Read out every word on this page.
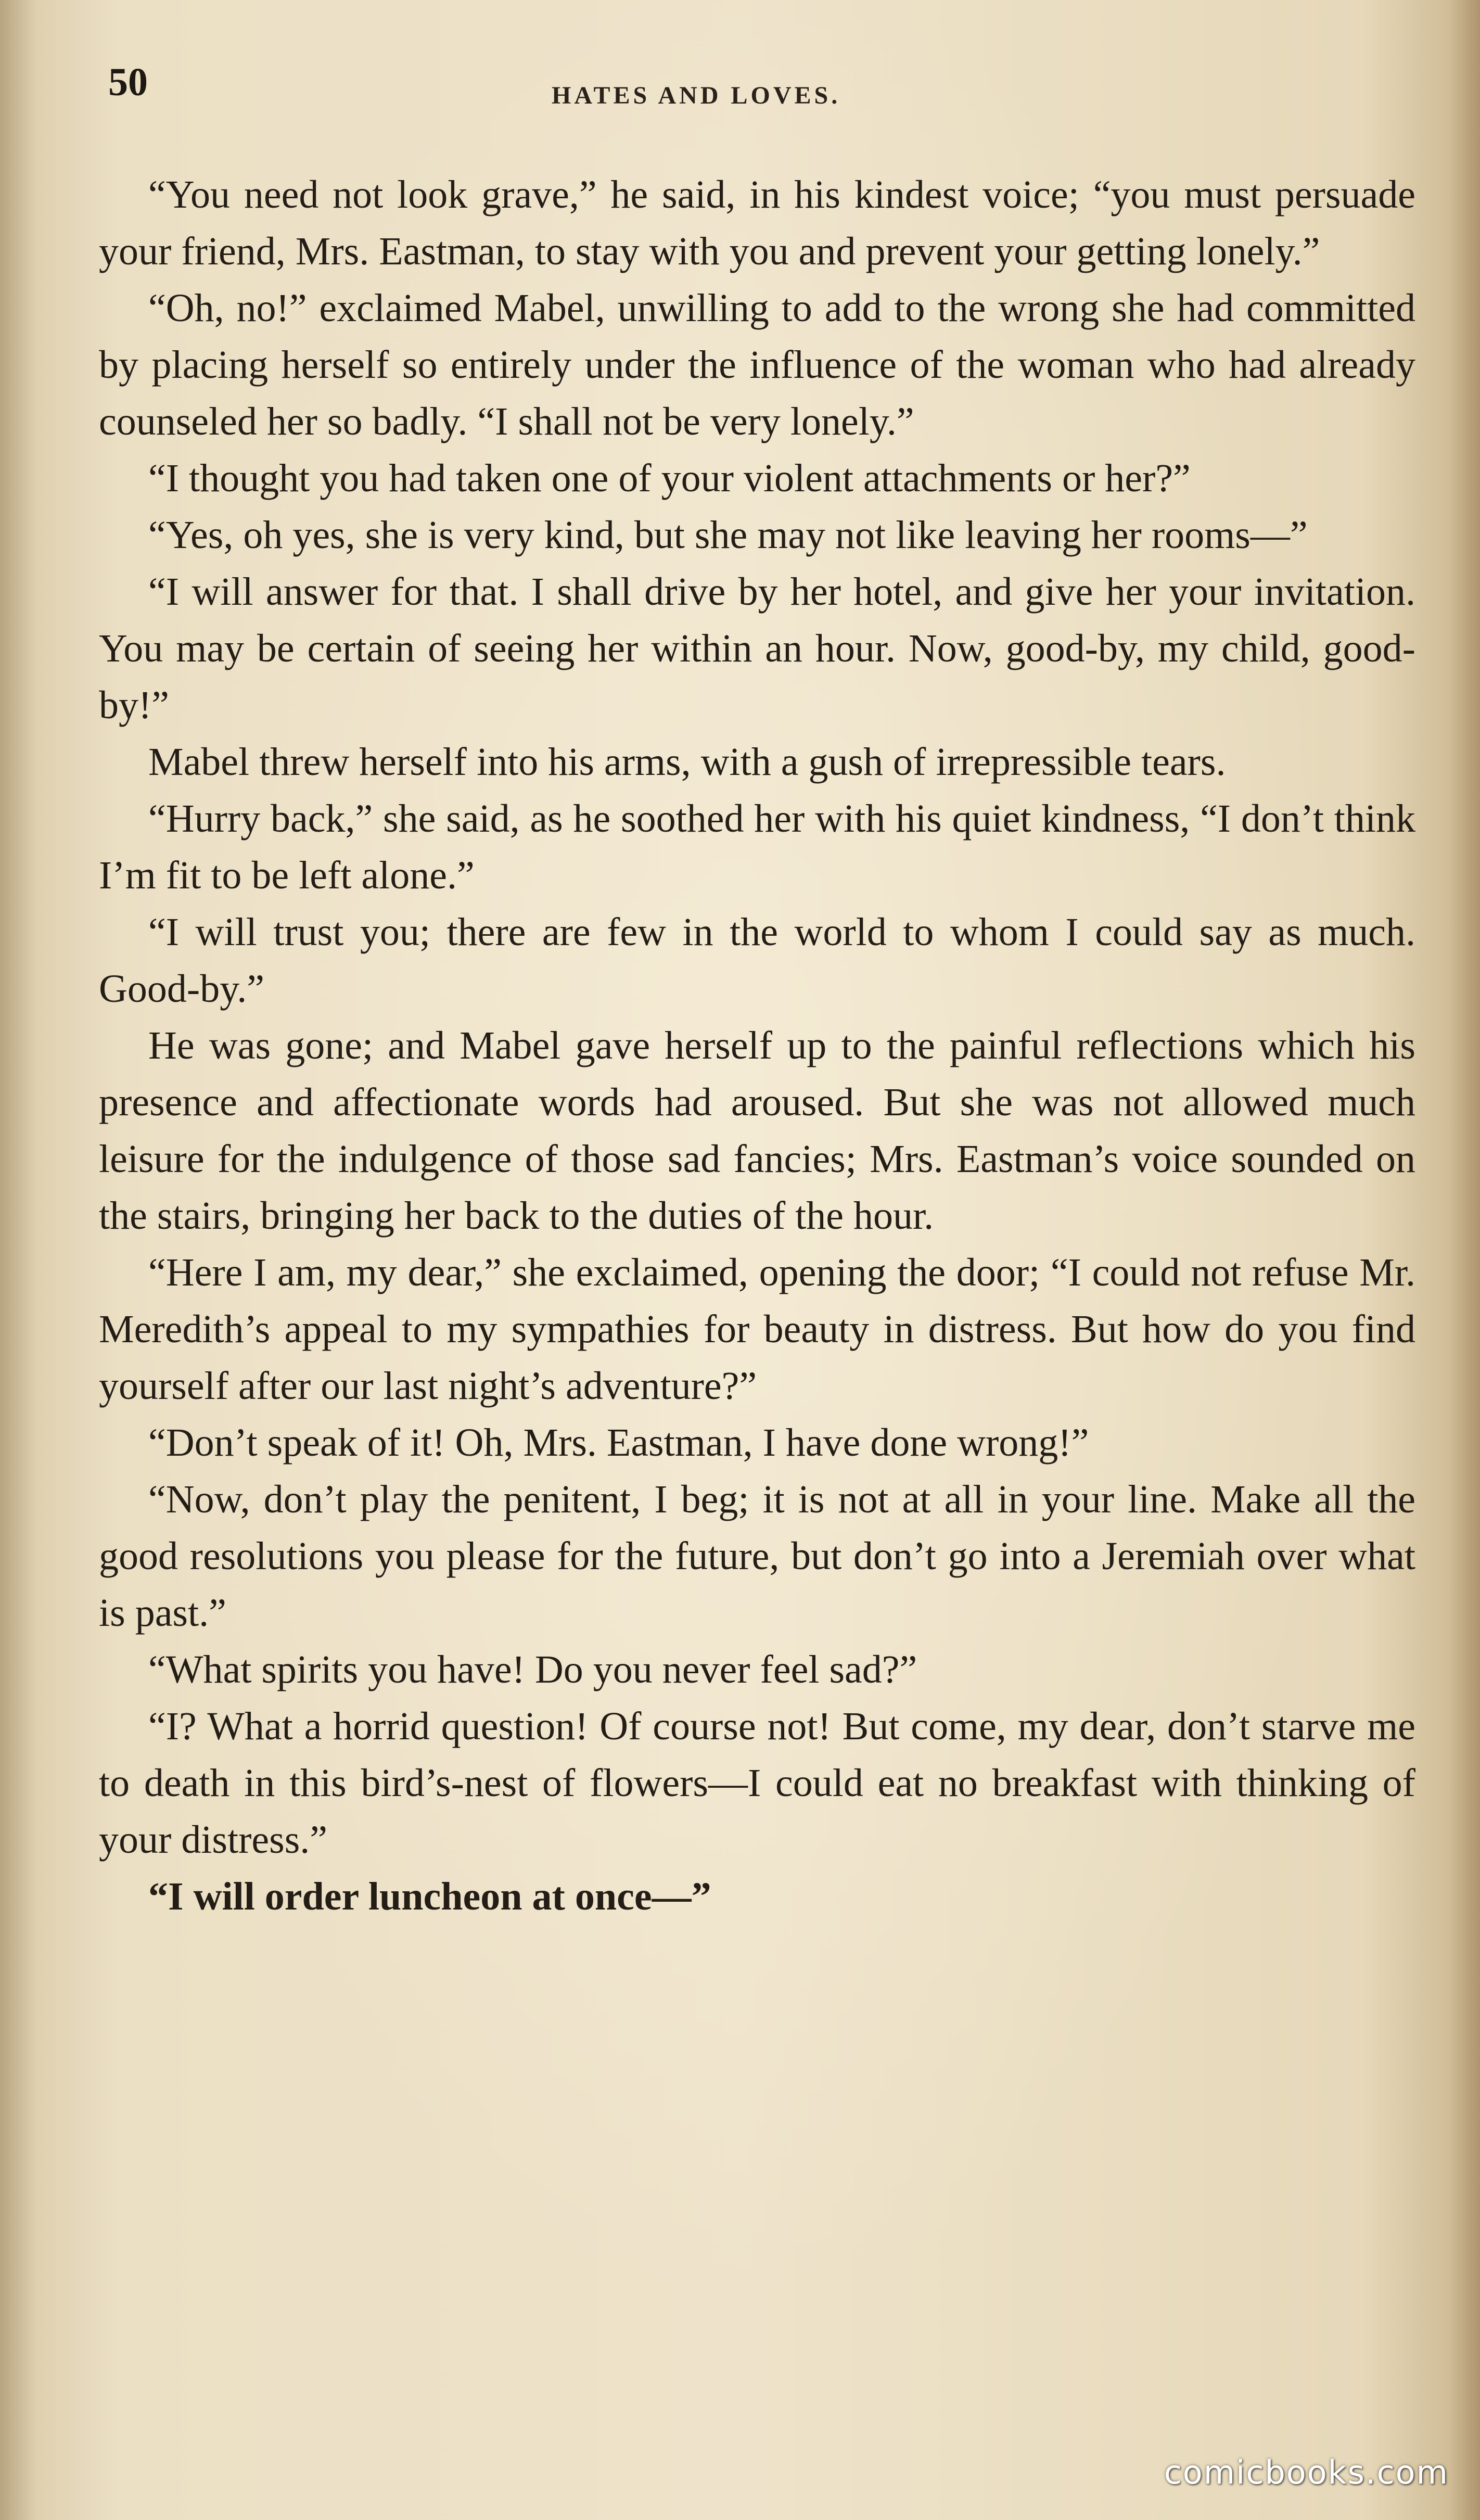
50	HATES AND LOVES.

“You need not look grave,” he said, in his kindest voice; “you must persuade your friend, Mrs. Eastman, to stay with you and prevent your getting lonely.”

“Oh, no!” exclaimed Mabel, unwilling to add to the wrong she had committed by placing herself so entirely under the influence of the woman who had already counseled her so badly. “I shall not be very lonely.”

“I thought you had taken one of your violent attachments or her?”

“Yes, oh yes, she is very kind, but she may not like leaving her rooms—”

“I will answer for that. I shall drive by her hotel, and give her your invitation. You may be certain of seeing her within an hour. Now, good-by, my child, good-by!”

Mabel threw herself into his arms, with a gush of irrepressible tears.

“Hurry back,” she said, as he soothed her with his quiet kindness, “I don’t think I’m fit to be left alone.”

“I will trust you; there are few in the world to whom I could say as much. Good-by.”

He was gone; and Mabel gave herself up to the painful reflections which his presence and affectionate words had aroused. But she was not allowed much leisure for the indulgence of those sad fancies; Mrs. Eastman’s voice sounded on the stairs, bringing her back to the duties of the hour.

“Here I am, my dear,” she exclaimed, opening the door; “I could not refuse Mr. Meredith’s appeal to my sympathies for beauty in distress. But how do you find yourself after our last night’s adventure?”

“Don’t speak of it! Oh, Mrs. Eastman, I have done wrong!”

“Now, don’t play the penitent, I beg; it is not at all in your line. Make all the good resolutions you please for the future, but don’t go into a Jeremiah over what is past.”

“What spirits you have! Do you never feel sad?”

“I? What a horrid question! Of course not! But come, my dear, don’t starve me to death in this bird’s-nest of flowers—I could eat no breakfast with thinking of your distress.”

“I will order luncheon at once—”

comicbooks.com
